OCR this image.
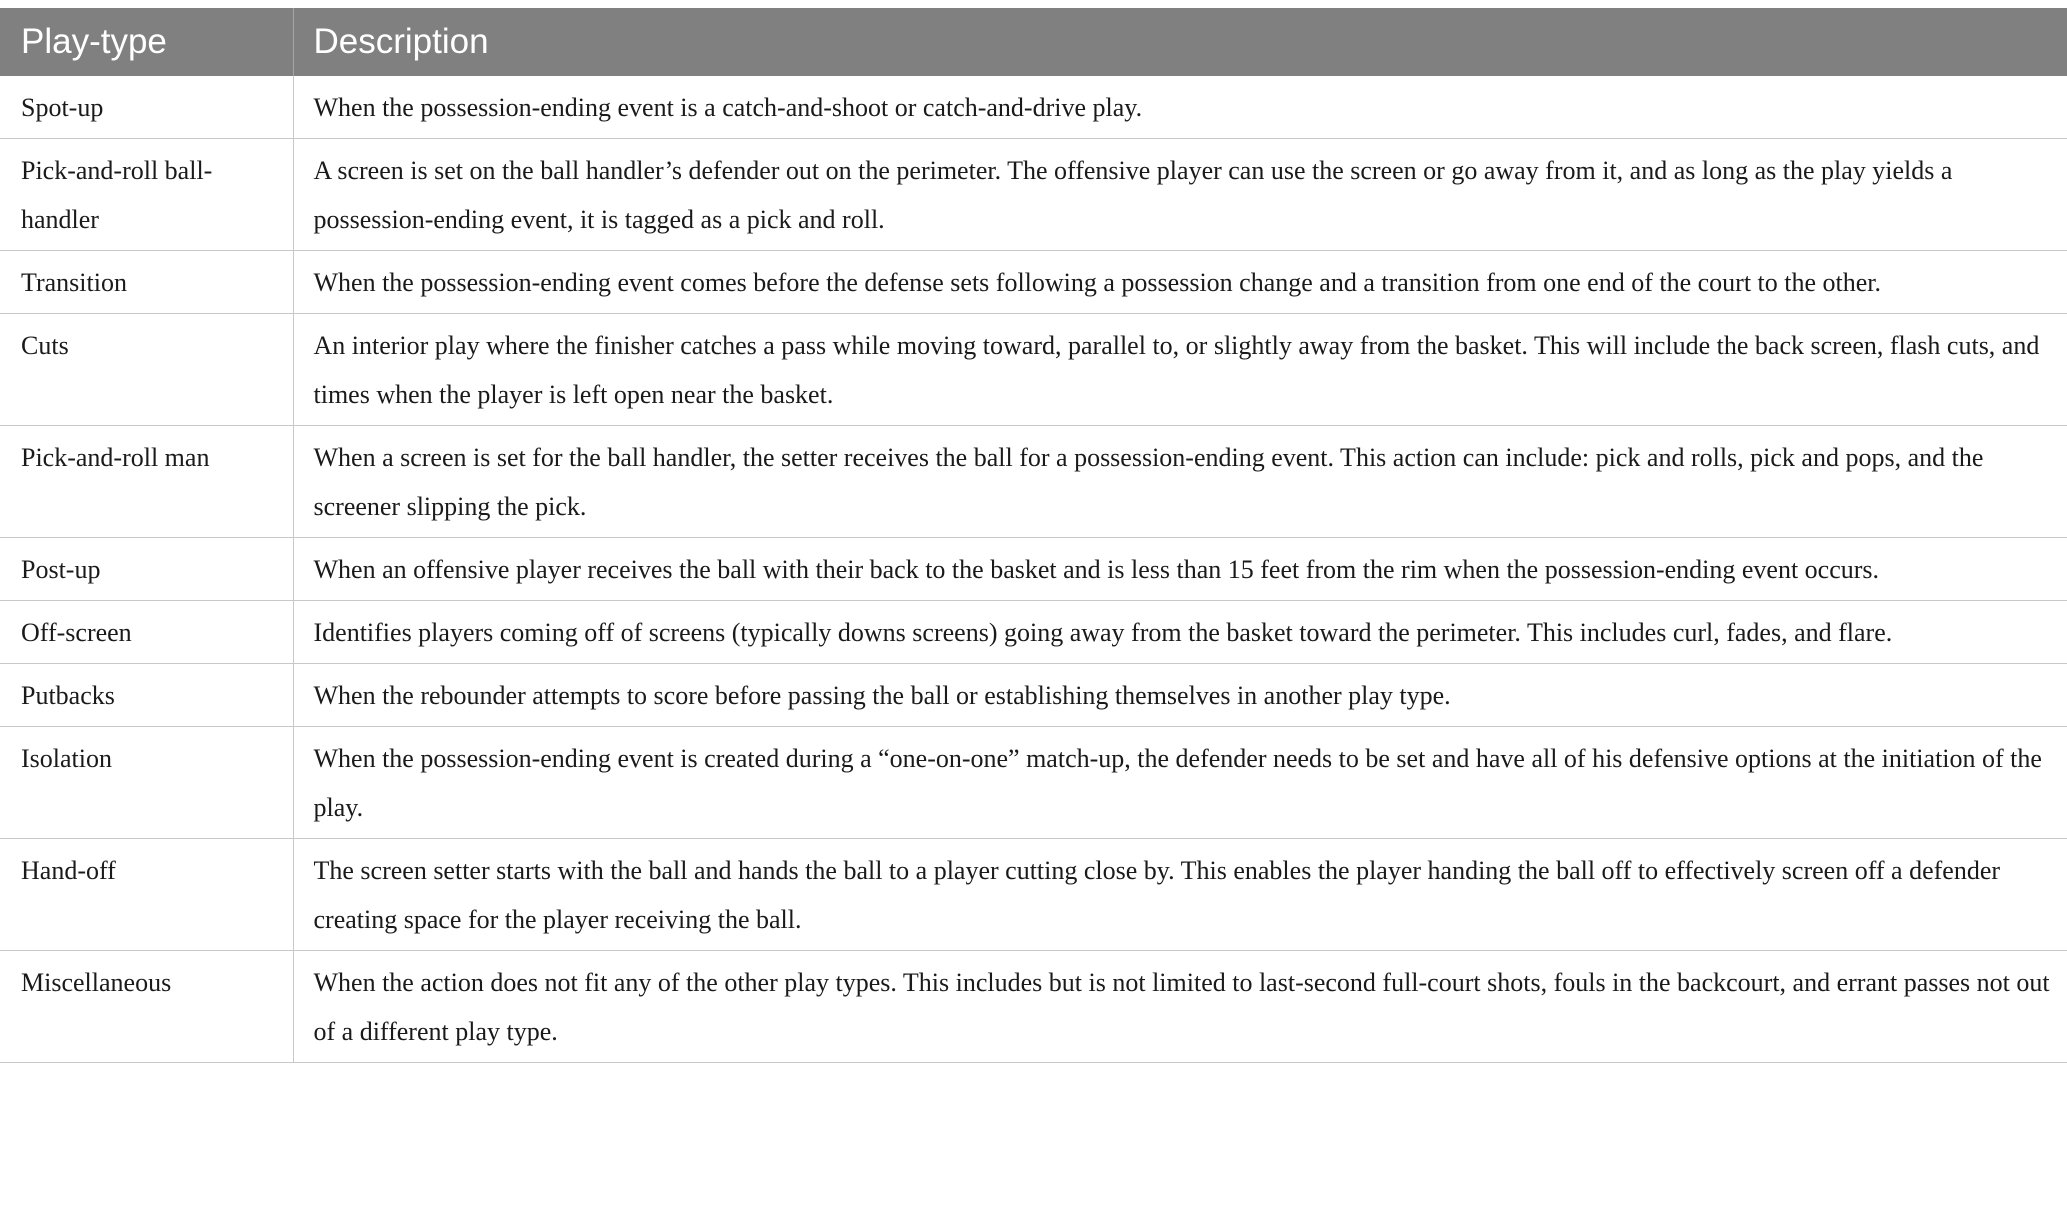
Play-type	Description
Spot-up	When the possession-ending event is a catch-and-shoot or catch-and-drive play.
Pick-and-roll ball-handler	A screen is set on the ball handler’s defender out on the perimeter. The offensive player can use the screen or go away from it, and as long as the play yields a possession-ending event, it is tagged as a pick and roll.
Transition	When the possession-ending event comes before the defense sets following a possession change and a transition from one end of the court to the other.
Cuts	An interior play where the finisher catches a pass while moving toward, parallel to, or slightly away from the basket. This will include the back screen, flash cuts, and times when the player is left open near the basket.
Pick-and-roll man	When a screen is set for the ball handler, the setter receives the ball for a possession-ending event. This action can include: pick and rolls, pick and pops, and the screener slipping the pick.
Post-up	When an offensive player receives the ball with their back to the basket and is less than 15 feet from the rim when the possession-ending event occurs.
Off-screen	Identifies players coming off of screens (typically downs screens) going away from the basket toward the perimeter. This includes curl, fades, and flare.
Putbacks	When the rebounder attempts to score before passing the ball or establishing themselves in another play type.
Isolation	When the possession-ending event is created during a “one-on-one” match-up, the defender needs to be set and have all of his defensive options at the initiation of the play.
Hand-off	The screen setter starts with the ball and hands the ball to a player cutting close by. This enables the player handing the ball off to effectively screen off a defender creating space for the player receiving the ball.
Miscellaneous	When the action does not fit any of the other play types. This includes but is not limited to last-second full-court shots, fouls in the backcourt, and errant passes not out of a different play type.
